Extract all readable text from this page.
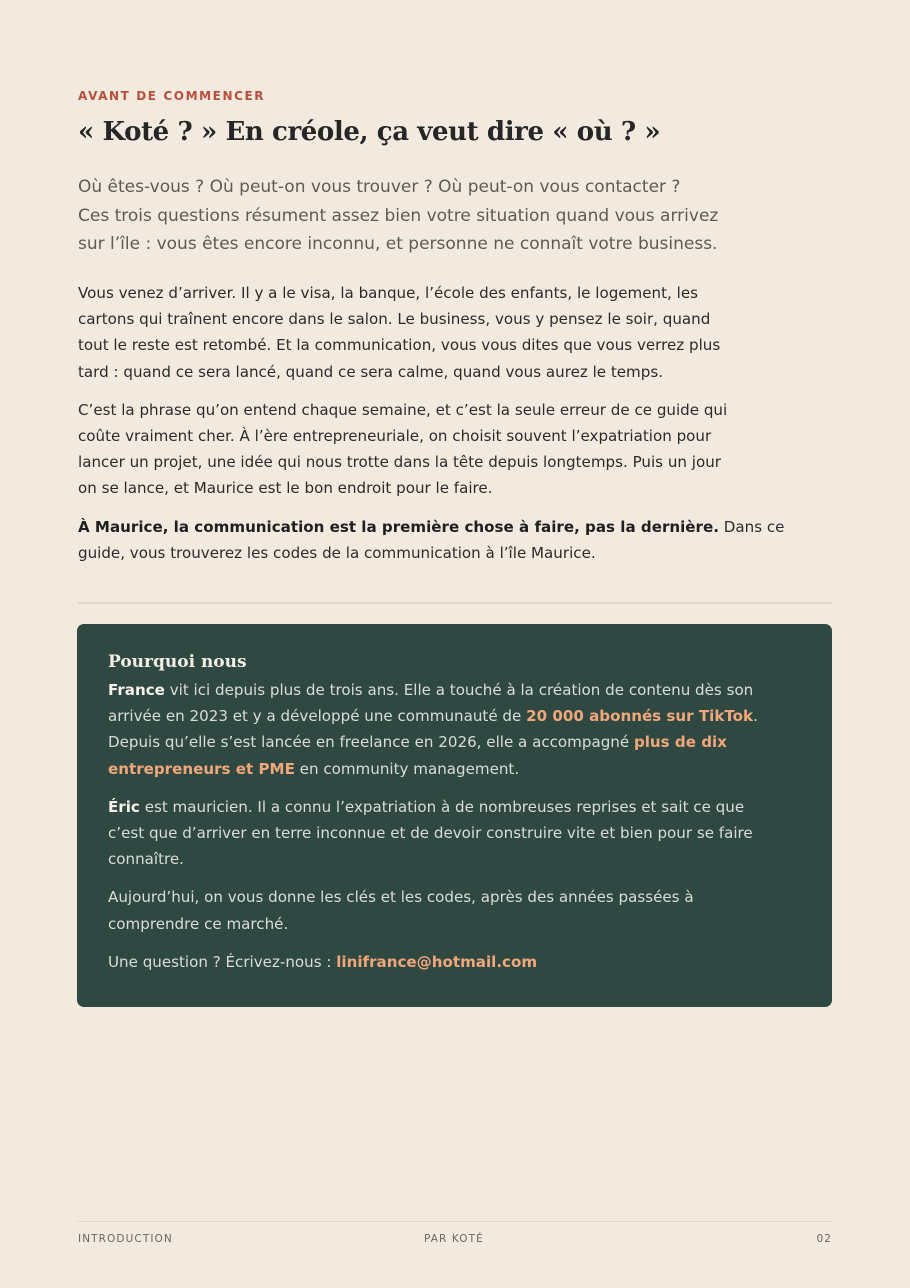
AVANT DE COMMENCER
« Koté ? » En créole, ça veut dire « où ? »
Où êtes-vous ? Où peut-on vous trouver ? Où peut-on vous contacter ?
Ces trois questions résument assez bien votre situation quand vous arrivez
sur l’île : vous êtes encore inconnu, et personne ne connaît votre business.

Vous venez d’arriver. Il y a le visa, la banque, l’école des enfants, le logement, les
cartons qui traînent encore dans le salon. Le business, vous y pensez le soir, quand
tout le reste est retombé. Et la communication, vous vous dites que vous verrez plus
tard : quand ce sera lancé, quand ce sera calme, quand vous aurez le temps.

C’est la phrase qu’on entend chaque semaine, et c’est la seule erreur de ce guide qui
coûte vraiment cher. À l’ère entrepreneuriale, on choisit souvent l’expatriation pour
lancer un projet, une idée qui nous trotte dans la tête depuis longtemps. Puis un jour
on se lance, et Maurice est le bon endroit pour le faire.

À Maurice, la communication est la première chose à faire, pas la dernière. Dans ce
guide, vous trouverez les codes de la communication à l’île Maurice.

Pourquoi nous

France vit ici depuis plus de trois ans. Elle a touché à la création de contenu dès son
arrivée en 2023 et y a développé une communauté de 20 000 abonnés sur TikTok.
Depuis qu’elle s’est lancée en freelance en 2026, elle a accompagné plus de dix
entrepreneurs et PME en community management.

Éric est mauricien. Il a connu l’expatriation à de nombreuses reprises et sait ce que
c’est que d’arriver en terre inconnue et de devoir construire vite et bien pour se faire
connaître.

Aujourd’hui, on vous donne les clés et les codes, après des années passées à
comprendre ce marché.

Une question ? Écrivez-nous : linifrance@hotmail.com

INTRODUCTION	PAR KOTÉ	02
